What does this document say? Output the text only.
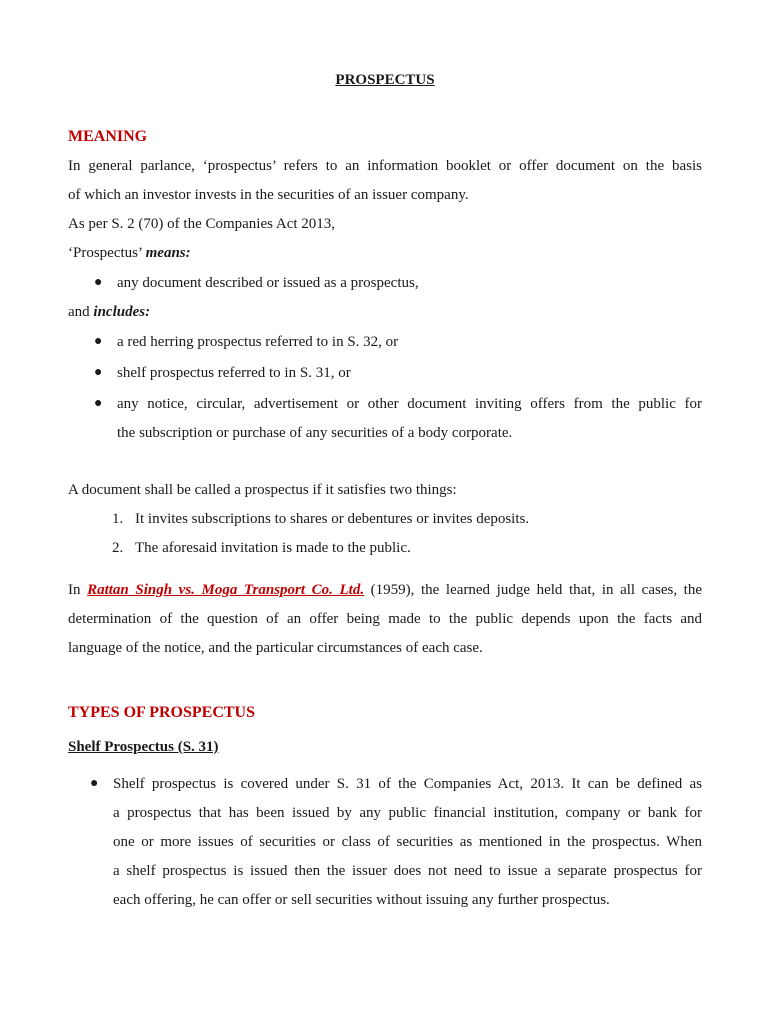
PROSPECTUS
MEANING
In general parlance, ‘prospectus’ refers to an information booklet or offer document on the basis
of which an investor invests in the securities of an issuer company.
As per S. 2 (70) of the Companies Act 2013,
‘Prospectus’ means:
● any document described or issued as a prospectus,
and includes:
● a red herring prospectus referred to in S. 32, or
● shelf prospectus referred to in S. 31, or
● any notice, circular, advertisement or other document inviting offers from the public for
the subscription or purchase of any securities of a body corporate.
A document shall be called a prospectus if it satisfies two things:
1. It invites subscriptions to shares or debentures or invites deposits.
2. The aforesaid invitation is made to the public.
In Rattan Singh vs. Moga Transport Co. Ltd. (1959), the learned judge held that, in all cases, the
determination of the question of an offer being made to the public depends upon the facts and
language of the notice, and the particular circumstances of each case.
TYPES OF PROSPECTUS
Shelf Prospectus (S. 31)
● Shelf prospectus is covered under S. 31 of the Companies Act, 2013. It can be defined as
a prospectus that has been issued by any public financial institution, company or bank for
one or more issues of securities or class of securities as mentioned in the prospectus. When
a shelf prospectus is issued then the issuer does not need to issue a separate prospectus for
each offering, he can offer or sell securities without issuing any further prospectus.
